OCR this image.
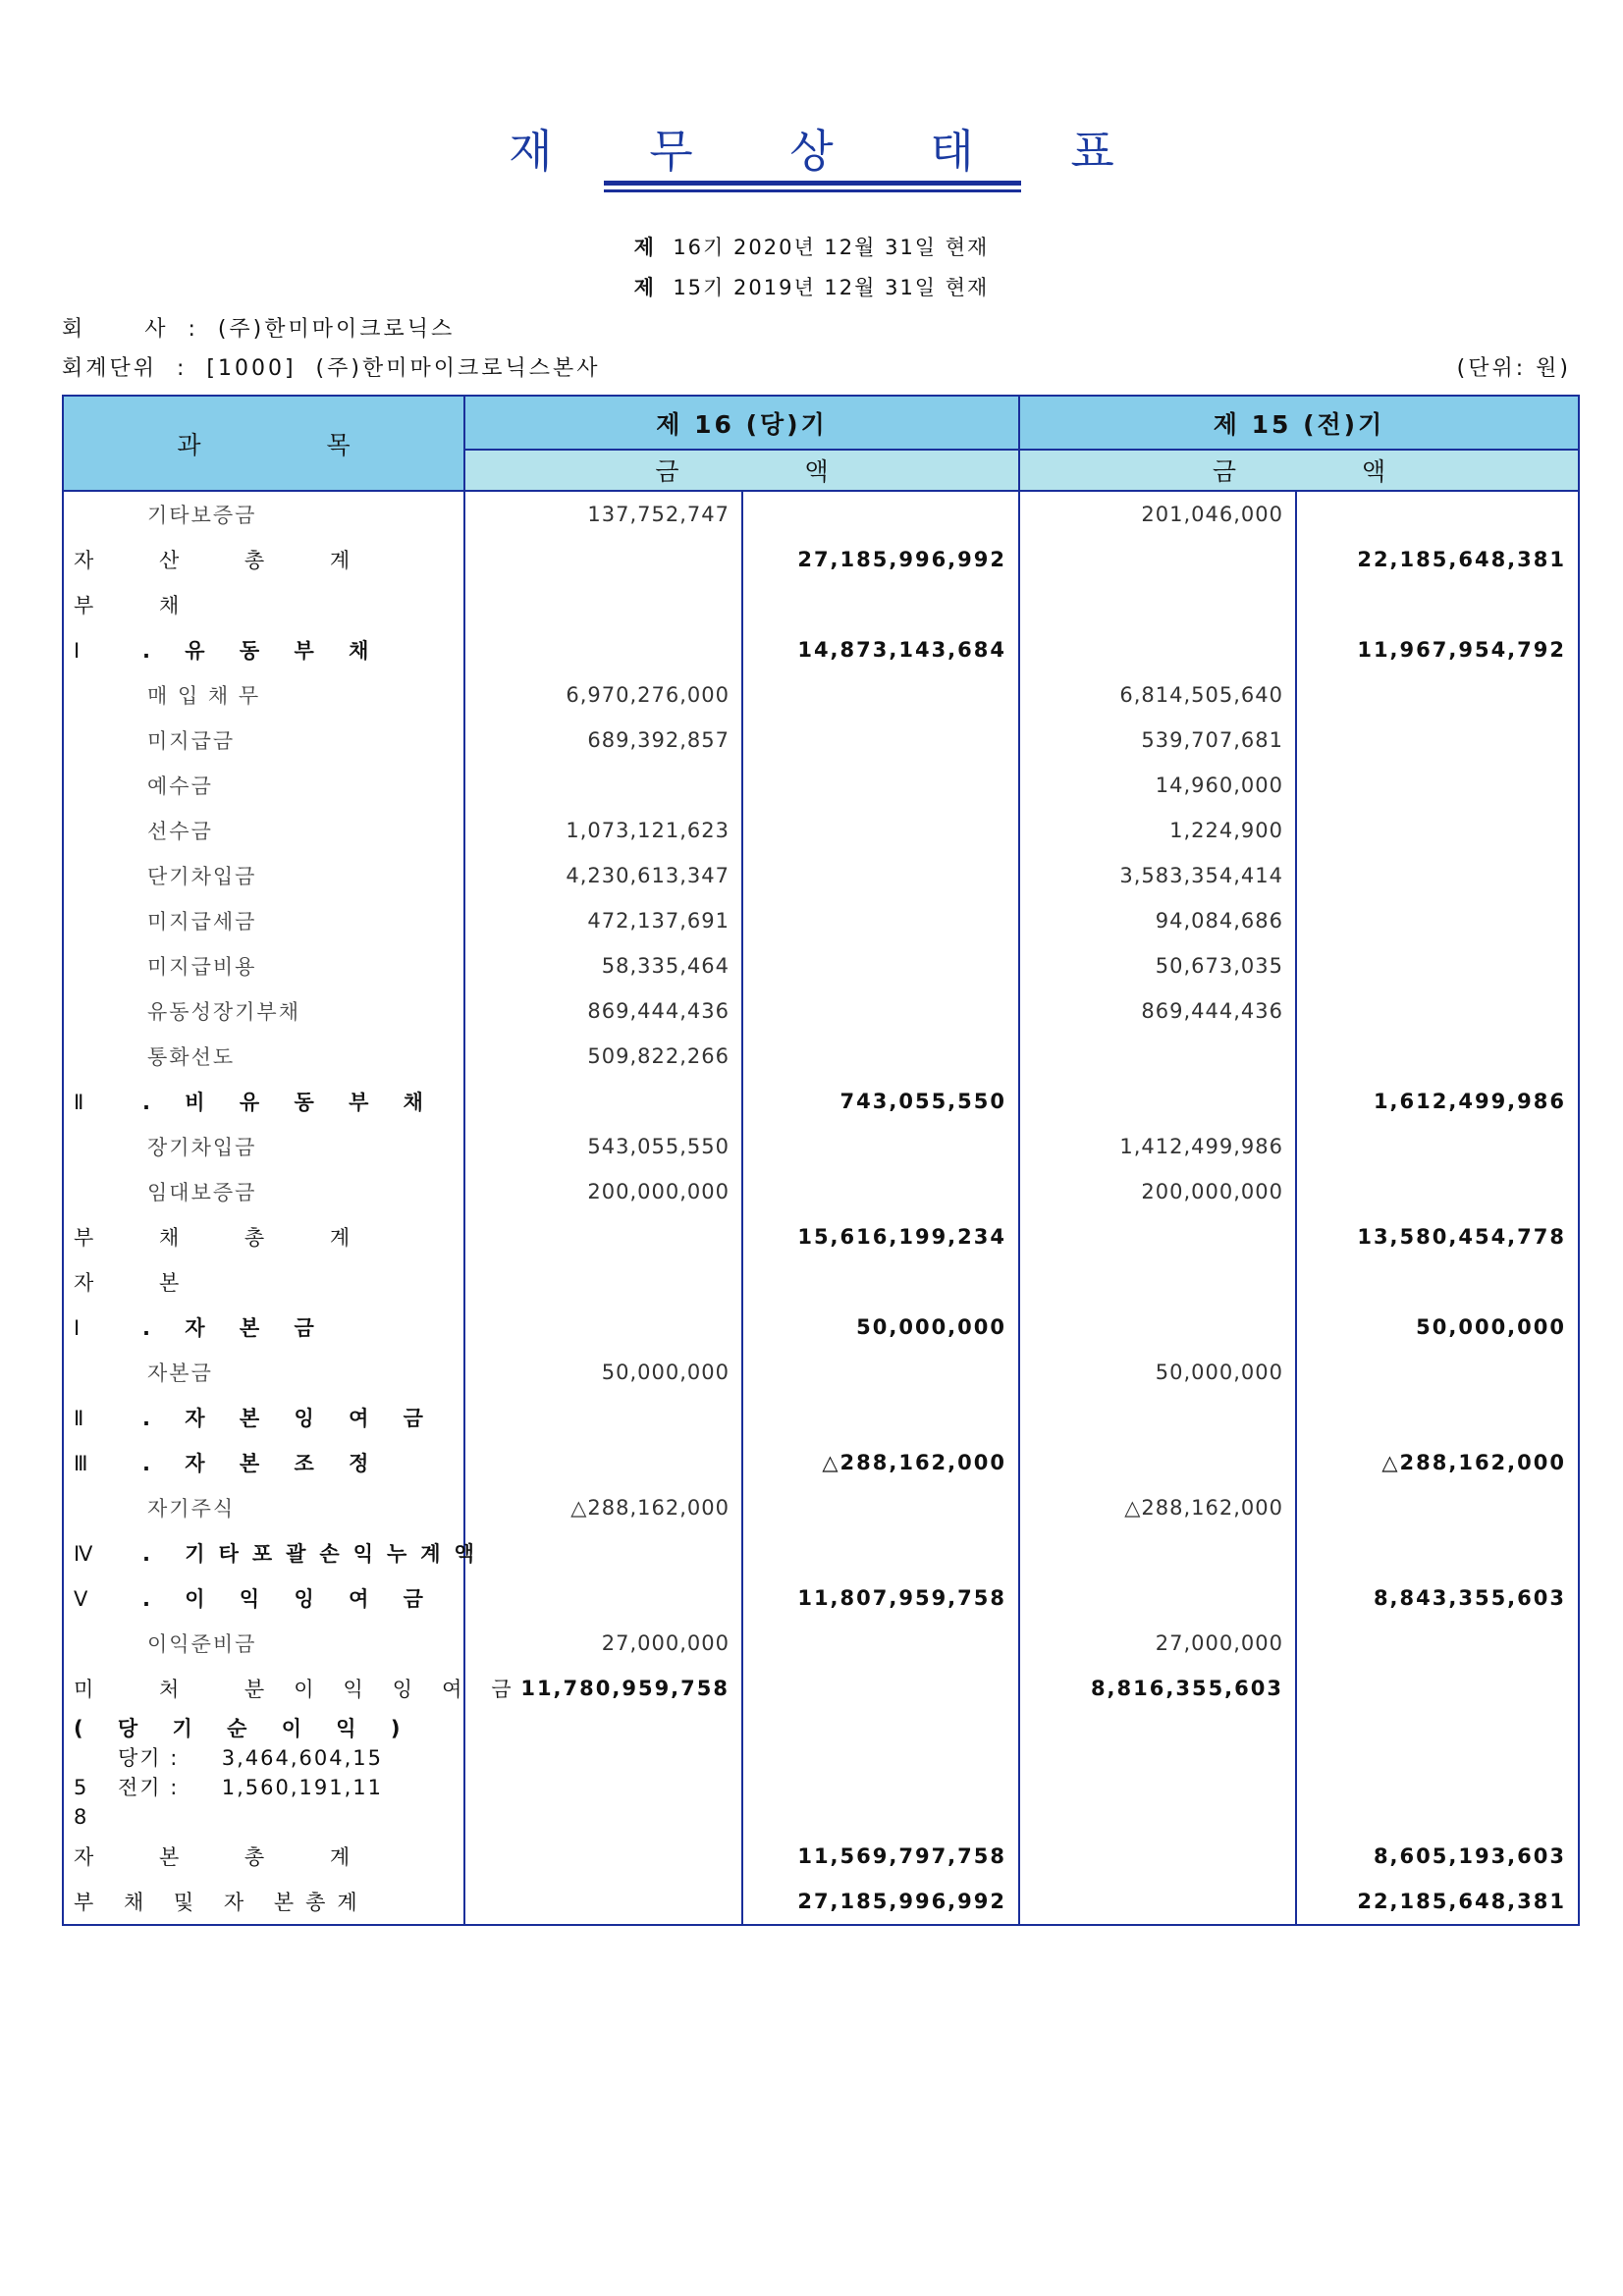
재 무 상 태 표
제 16기 2020년 12월 31일 현재
제 15기 2019년 12월 31일 현재
회      사  :  (주)한미마이크로닉스
회계단위  :  [1000]  (주)한미마이크로닉스본사	(단위: 원)
과 목	제 16 (당)기		제 15 (전)기	
	금 액		금 액	
기타보증금	137,752,747		201,046,000	
자 산 총 계		27,185,996,992		22,185,648,381
부 채				
Ⅰ . 유 동 부 채		14,873,143,684		11,967,954,792
매 입 채 무	6,970,276,000		6,814,505,640	
미지급금	689,392,857		539,707,681	
예수금			14,960,000	
선수금	1,073,121,623		1,224,900	
단기차입금	4,230,613,347		3,583,354,414	
미지급세금	472,137,691		94,084,686	
미지급비용	58,335,464		50,673,035	
유동성장기부채	869,444,436		869,444,436	
통화선도	509,822,266			
Ⅱ . 비 유 동 부 채		743,055,550		1,612,499,986
장기차입금	543,055,550		1,412,499,986	
임대보증금	200,000,000		200,000,000	
부 채 총 계		15,616,199,234		13,580,454,778
자 본				
Ⅰ . 자 본 금		50,000,000		50,000,000
자본금	50,000,000		50,000,000	
Ⅱ . 자 본 잉 여 금				
Ⅲ . 자 본 조 정		△288,162,000		△288,162,000
자기주식	△288,162,000		△288,162,000	
Ⅳ . 기타포괄손익누계액				
Ⅴ . 이 익 잉 여 금		11,807,959,758		8,843,355,603
이익준비금	27,000,000		27,000,000	
미 처 분이익잉여금	11,780,959,758		8,816,355,603	

( 당 기 순 이 익 )
당기 : 3,464,604,15
5 전기 : 1,560,191,11
8				

자 본 총 계		11,569,797,758		8,605,193,603
부 채 및 자 본총계		27,185,996,992		22,185,648,381
